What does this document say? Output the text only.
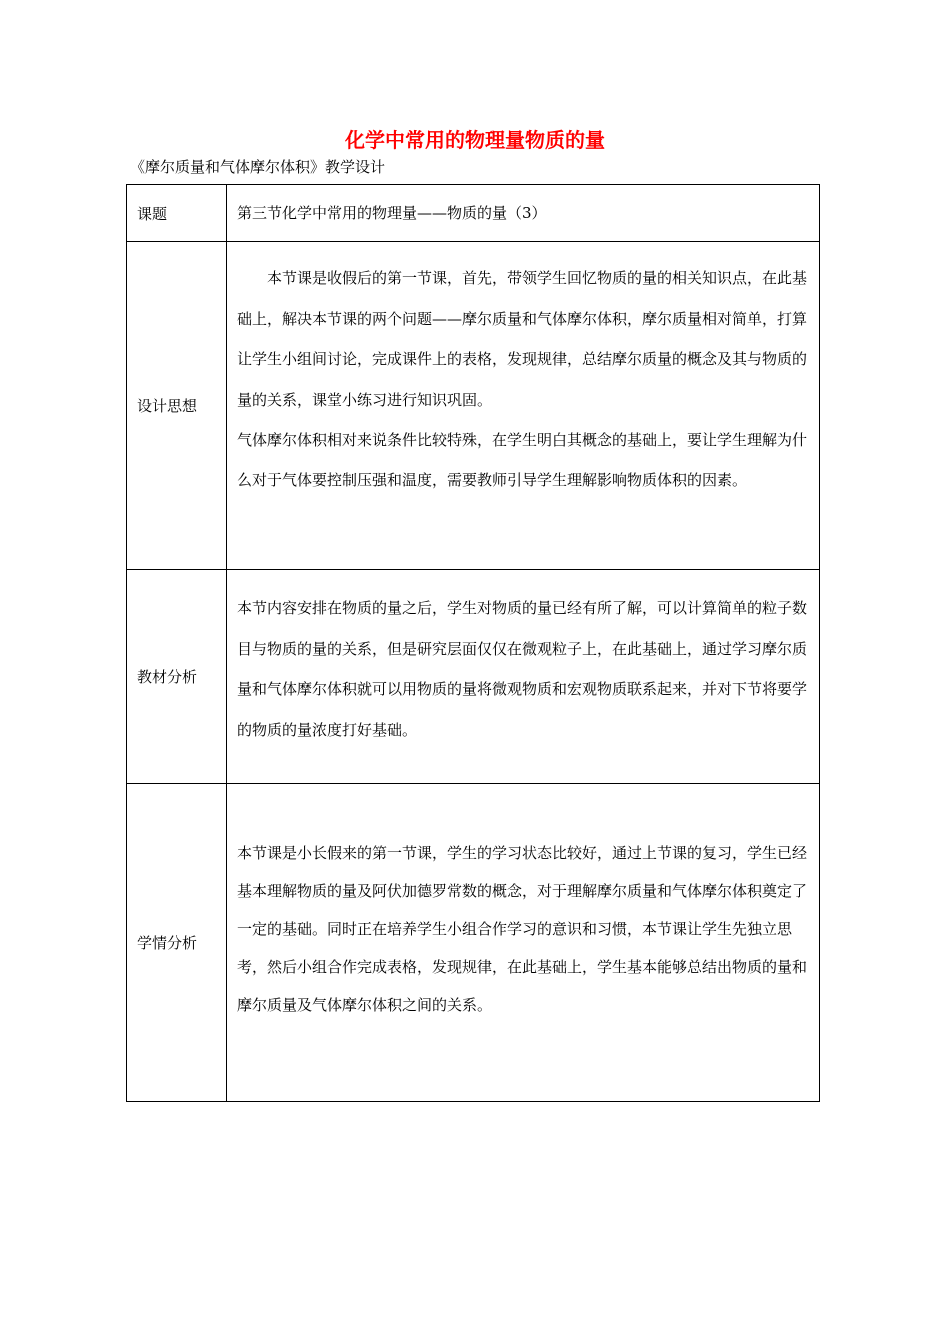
化学中常用的物理量物质的量
《摩尔质量和气体摩尔体积》教学设计
课题	第三节化学中常用的物理量——物质的量（3）

设计思想	本节课是收假后的第一节课，首先，带领学生回忆物质的量的相关知识点，在此基础上，解决本节课的两个问题——摩尔质量和气体摩尔体积，摩尔质量相对简单，打算让学生小组间讨论，完成课件上的表格，发现规律，总结摩尔质量的概念及其与物质的量的关系，课堂小练习进行知识巩固。

气体摩尔体积相对来说条件比较特殊，在学生明白其概念的基础上，要让学生理解为什么对于气体要控制压强和温度，需要教师引导学生理解影响物质体积的因素。

教材分析	本节内容安排在物质的量之后，学生对物质的量已经有所了解，可以计算简单的粒子数目与物质的量的关系，但是研究层面仅仅在微观粒子上，在此基础上，通过学习摩尔质量和气体摩尔体积就可以用物质的量将微观物质和宏观物质联系起来，并对下节将要学的物质的量浓度打好基础。

学情分析	本节课是小长假来的第一节课，学生的学习状态比较好，通过上节课的复习，学生已经基本理解物质的量及阿伏加德罗常数的概念，对于理解摩尔质量和气体摩尔体积奠定了一定的基础。同时正在培养学生小组合作学习的意识和习惯，本节课让学生先独立思考，然后小组合作完成表格，发现规律，在此基础上，学生基本能够总结出物质的量和摩尔质量及气体摩尔体积之间的关系。
